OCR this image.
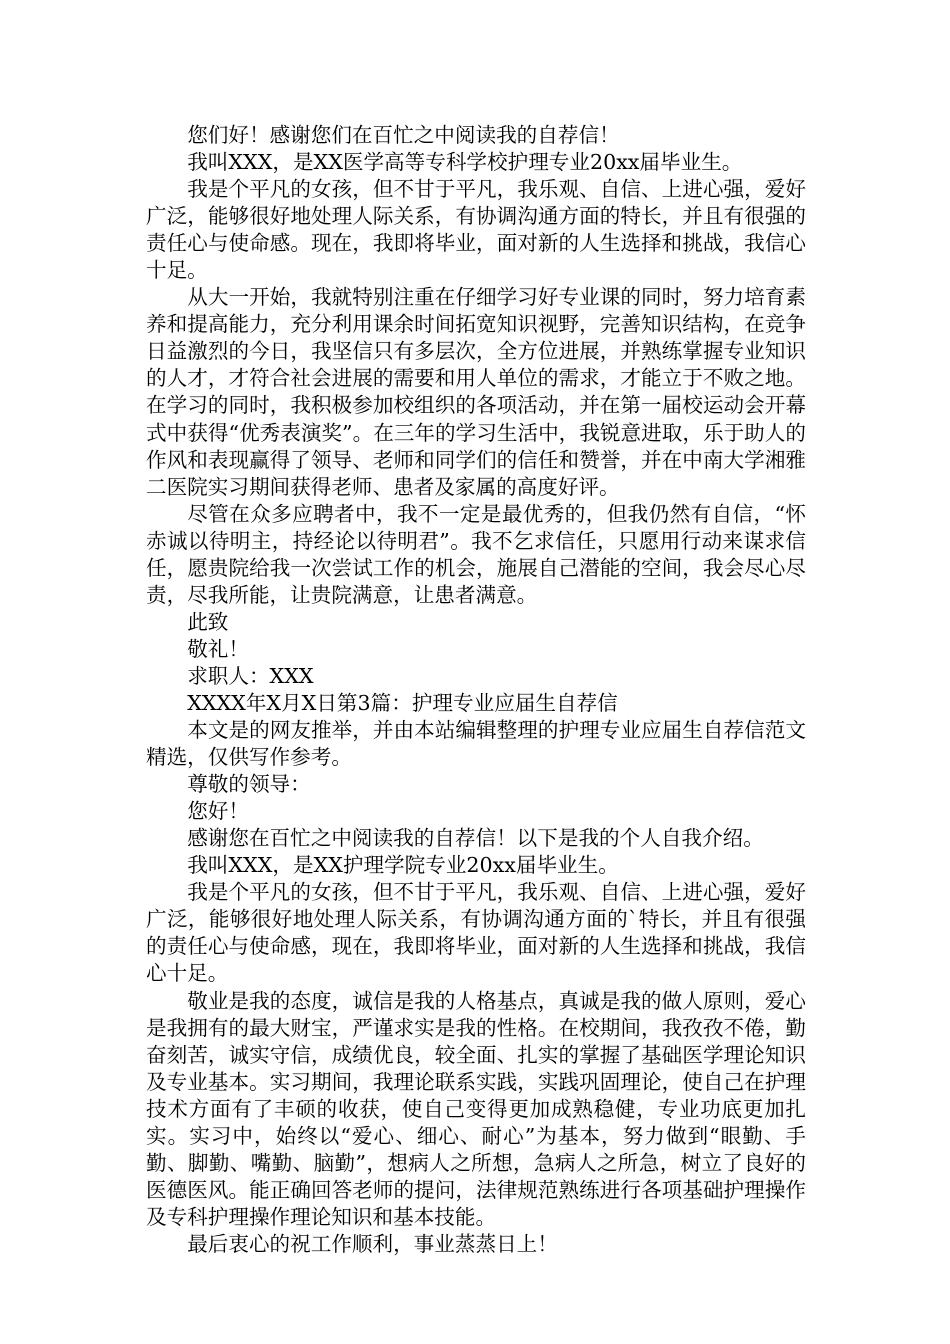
您们好！感谢您们在百忙之中阅读我的自荐信！

我叫XXX，是XX医学高等专科学校护理专业20xx届毕业生。

我是个平凡的女孩，但不甘于平凡，我乐观、自信、上进心强，爱好广泛，能够很好地处理人际关系，有协调沟通方面的特长，并且有很强的责任心与使命感。现在，我即将毕业，面对新的人生选择和挑战，我信心十足。

从大一开始，我就特别注重在仔细学习好专业课的同时，努力培育素养和提高能力，充分利用课余时间拓宽知识视野，完善知识结构，在竞争日益激烈的今日，我坚信只有多层次，全方位进展，并熟练掌握专业知识的人才，才符合社会进展的需要和用人单位的需求，才能立于不败之地。在学习的同时，我积极参加校组织的各项活动，并在第一届校运动会开幕式中获得“优秀表演奖”。在三年的学习生活中，我锐意进取，乐于助人的作风和表现赢得了领导、老师和同学们的信任和赞誉，并在中南大学湘雅二医院实习期间获得老师、患者及家属的高度好评。

尽管在众多应聘者中，我不一定是最优秀的，但我仍然有自信，“怀赤诚以待明主，持经论以待明君”。我不乞求信任，只愿用行动来谋求信任，愿贵院给我一次尝试工作的机会，施展自己潜能的空间，我会尽心尽责，尽我所能，让贵院满意，让患者满意。

此致

敬礼！

求职人：XXX

XXXX年X月X日第3篇：护理专业应届生自荐信

本文是的网友推举，并由本站编辑整理的护理专业应届生自荐信范文精选，仅供写作参考。

尊敬的领导：

您好！

感谢您在百忙之中阅读我的自荐信！以下是我的个人自我介绍。

我叫XXX，是XX护理学院专业20xx届毕业生。

我是个平凡的女孩，但不甘于平凡，我乐观、自信、上进心强，爱好广泛，能够很好地处理人际关系，有协调沟通方面的`特长，并且有很强的责任心与使命感，现在，我即将毕业，面对新的人生选择和挑战，我信心十足。

敬业是我的态度，诚信是我的人格基点，真诚是我的做人原则，爱心是我拥有的最大财宝，严谨求实是我的性格。在校期间，我孜孜不倦，勤奋刻苦，诚实守信，成绩优良，较全面、扎实的掌握了基础医学理论知识及专业基本。实习期间，我理论联系实践，实践巩固理论，使自己在护理技术方面有了丰硕的收获，使自己变得更加成熟稳健，专业功底更加扎实。实习中，始终以“爱心、细心、耐心”为基本，努力做到“眼勤、手勤、脚勤、嘴勤、脑勤”，想病人之所想，急病人之所急，树立了良好的医德医风。能正确回答老师的提问，法律规范熟练进行各项基础护理操作及专科护理操作理论知识和基本技能。

最后衷心的祝工作顺利，事业蒸蒸日上！
